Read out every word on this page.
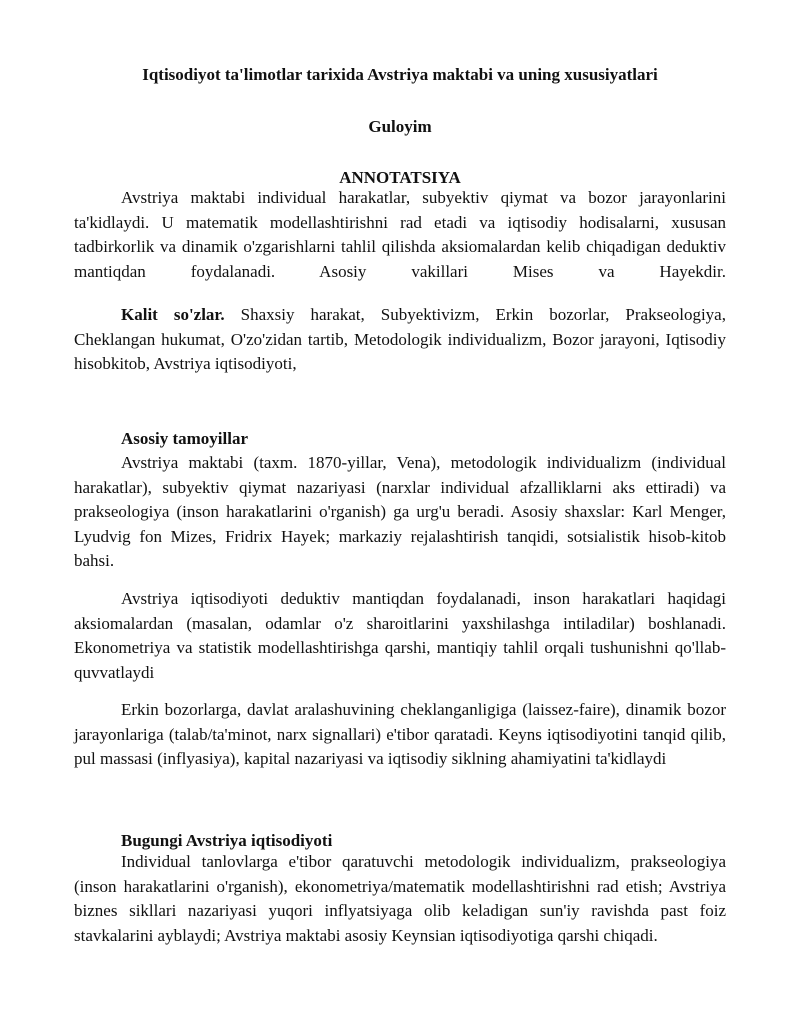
Iqtisodiyot ta'limotlar tarixida Avstriya maktabi va uning xususiyatlari

Guloyim

ANNOTATSIYA

Avstriya maktabi individual harakatlar, subyektiv qiymat va bozor jarayonlarini ta'kidlaydi. U matematik modellashtirishni rad etadi va iqtisodiy hodisalarni, xususan tadbirkorlik va dinamik o'zgarishlarni tahlil qilishda aksiomalardan kelib chiqadigan deduktiv mantiqdan foydalanadi. Asosiy vakillari Mises va Hayekdir.

Kalit so'zlar. Shaxsiy harakat, Subyektivizm, Erkin bozorlar, Prakseologiya, Cheklangan hukumat, O'zo'zidan tartib, Metodologik individualizm, Bozor jarayoni, Iqtisodiy hisobkitob, Avstriya iqtisodiyoti,

Asosiy tamoyillar

Avstriya maktabi (taxm. 1870-yillar, Vena), metodologik individualizm (individual harakatlar), subyektiv qiymat nazariyasi (narxlar individual afzalliklarni aks ettiradi) va prakseologiya (inson harakatlarini o'rganish) ga urg'u beradi. Asosiy shaxslar: Karl Menger, Lyudvig fon Mizes, Fridrix Hayek; markaziy rejalashtirish tanqidi, sotsialistik hisob-kitob bahsi.

Avstriya iqtisodiyoti deduktiv mantiqdan foydalanadi, inson harakatlari haqidagi aksiomalardan (masalan, odamlar o'z sharoitlarini yaxshilashga intiladilar) boshlanadi. Ekonometriya va statistik modellashtirishga qarshi, mantiqiy tahlil orqali tushunishni qo'llab-quvvatlaydi

Erkin bozorlarga, davlat aralashuvining cheklanganligiga (laissez-faire), dinamik bozor jarayonlariga (talab/ta'minot, narx signallari) e'tibor qaratadi. Keyns iqtisodiyotini tanqid qilib, pul massasi (inflyasiya), kapital nazariyasi va iqtisodiy siklning ahamiyatini ta'kidlaydi

Bugungi Avstriya iqtisodiyoti

Individual tanlovlarga e'tibor qaratuvchi metodologik individualizm, prakseologiya (inson harakatlarini o'rganish), ekonometriya/matematik modellashtirishni rad etish; Avstriya biznes sikllari nazariyasi yuqori inflyatsiyaga olib keladigan sun'iy ravishda past foiz stavkalarini ayblaydi; Avstriya maktabi asosiy Keynsian iqtisodiyotiga qarshi chiqadi.
